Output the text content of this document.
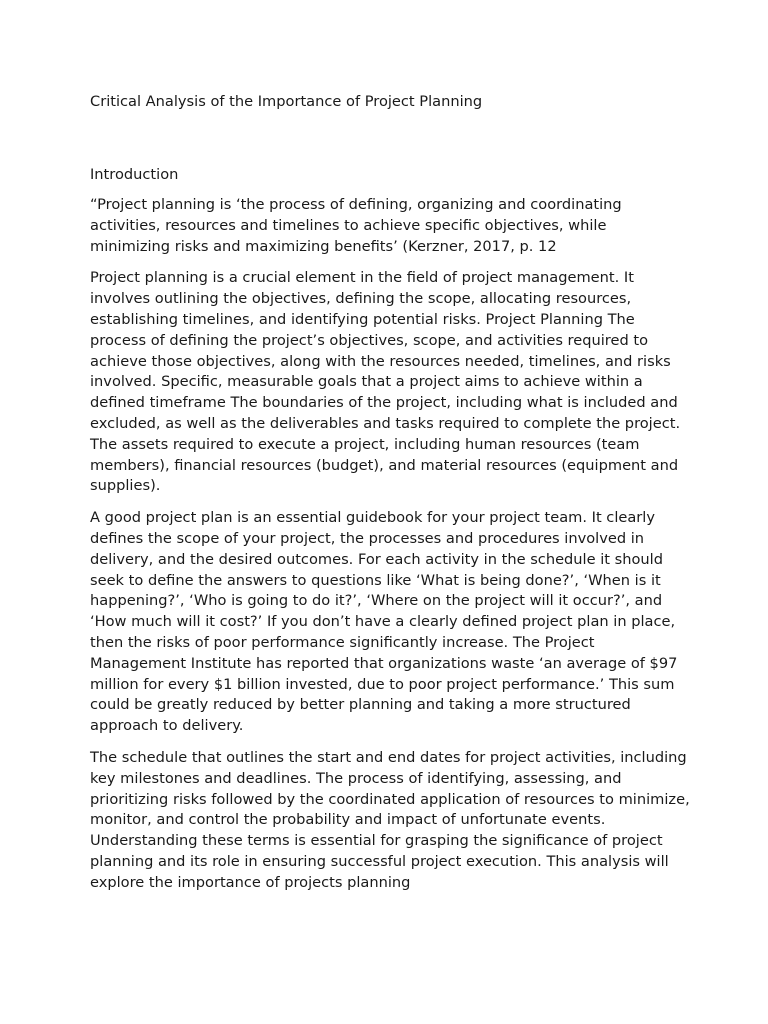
Critical Analysis of the Importance of Project Planning
Introduction

“Project planning is ‘the process of defining, organizing and coordinating activities, resources and timelines to achieve specific objectives, while minimizing risks and maximizing benefits’ (Kerzner, 2017, p. 12

Project planning is a crucial element in the field of project management. It involves outlining the objectives, defining the scope, allocating resources, establishing timelines, and identifying potential risks. Project Planning The process of defining the project’s objectives, scope, and activities required to achieve those objectives, along with the resources needed, timelines, and risks involved. Specific, measurable goals that a project aims to achieve within a defined timeframe The boundaries of the project, including what is included and excluded, as well as the deliverables and tasks required to complete the project. The assets required to execute a project, including human resources (team members), financial resources (budget), and material resources (equipment and supplies).

A good project plan is an essential guidebook for your project team. It clearly defines the scope of your project, the processes and procedures involved in delivery, and the desired outcomes. For each activity in the schedule it should seek to define the answers to questions like ‘What is being done?’, ‘When is it happening?’, ‘Who is going to do it?’, ‘Where on the project will it occur?’, and ‘How much will it cost?’ If you don’t have a clearly defined project plan in place, then the risks of poor performance significantly increase. The Project Management Institute has reported that organizations waste ‘an average of $97 million for every $1 billion invested, due to poor project performance.’ This sum could be greatly reduced by better planning and taking a more structured approach to delivery.

The schedule that outlines the start and end dates for project activities, including key milestones and deadlines. The process of identifying, assessing, and prioritizing risks followed by the coordinated application of resources to minimize, monitor, and control the probability and impact of unfortunate events. Understanding these terms is essential for grasping the significance of project planning and its role in ensuring successful project execution. This analysis will explore the importance of projects planning
